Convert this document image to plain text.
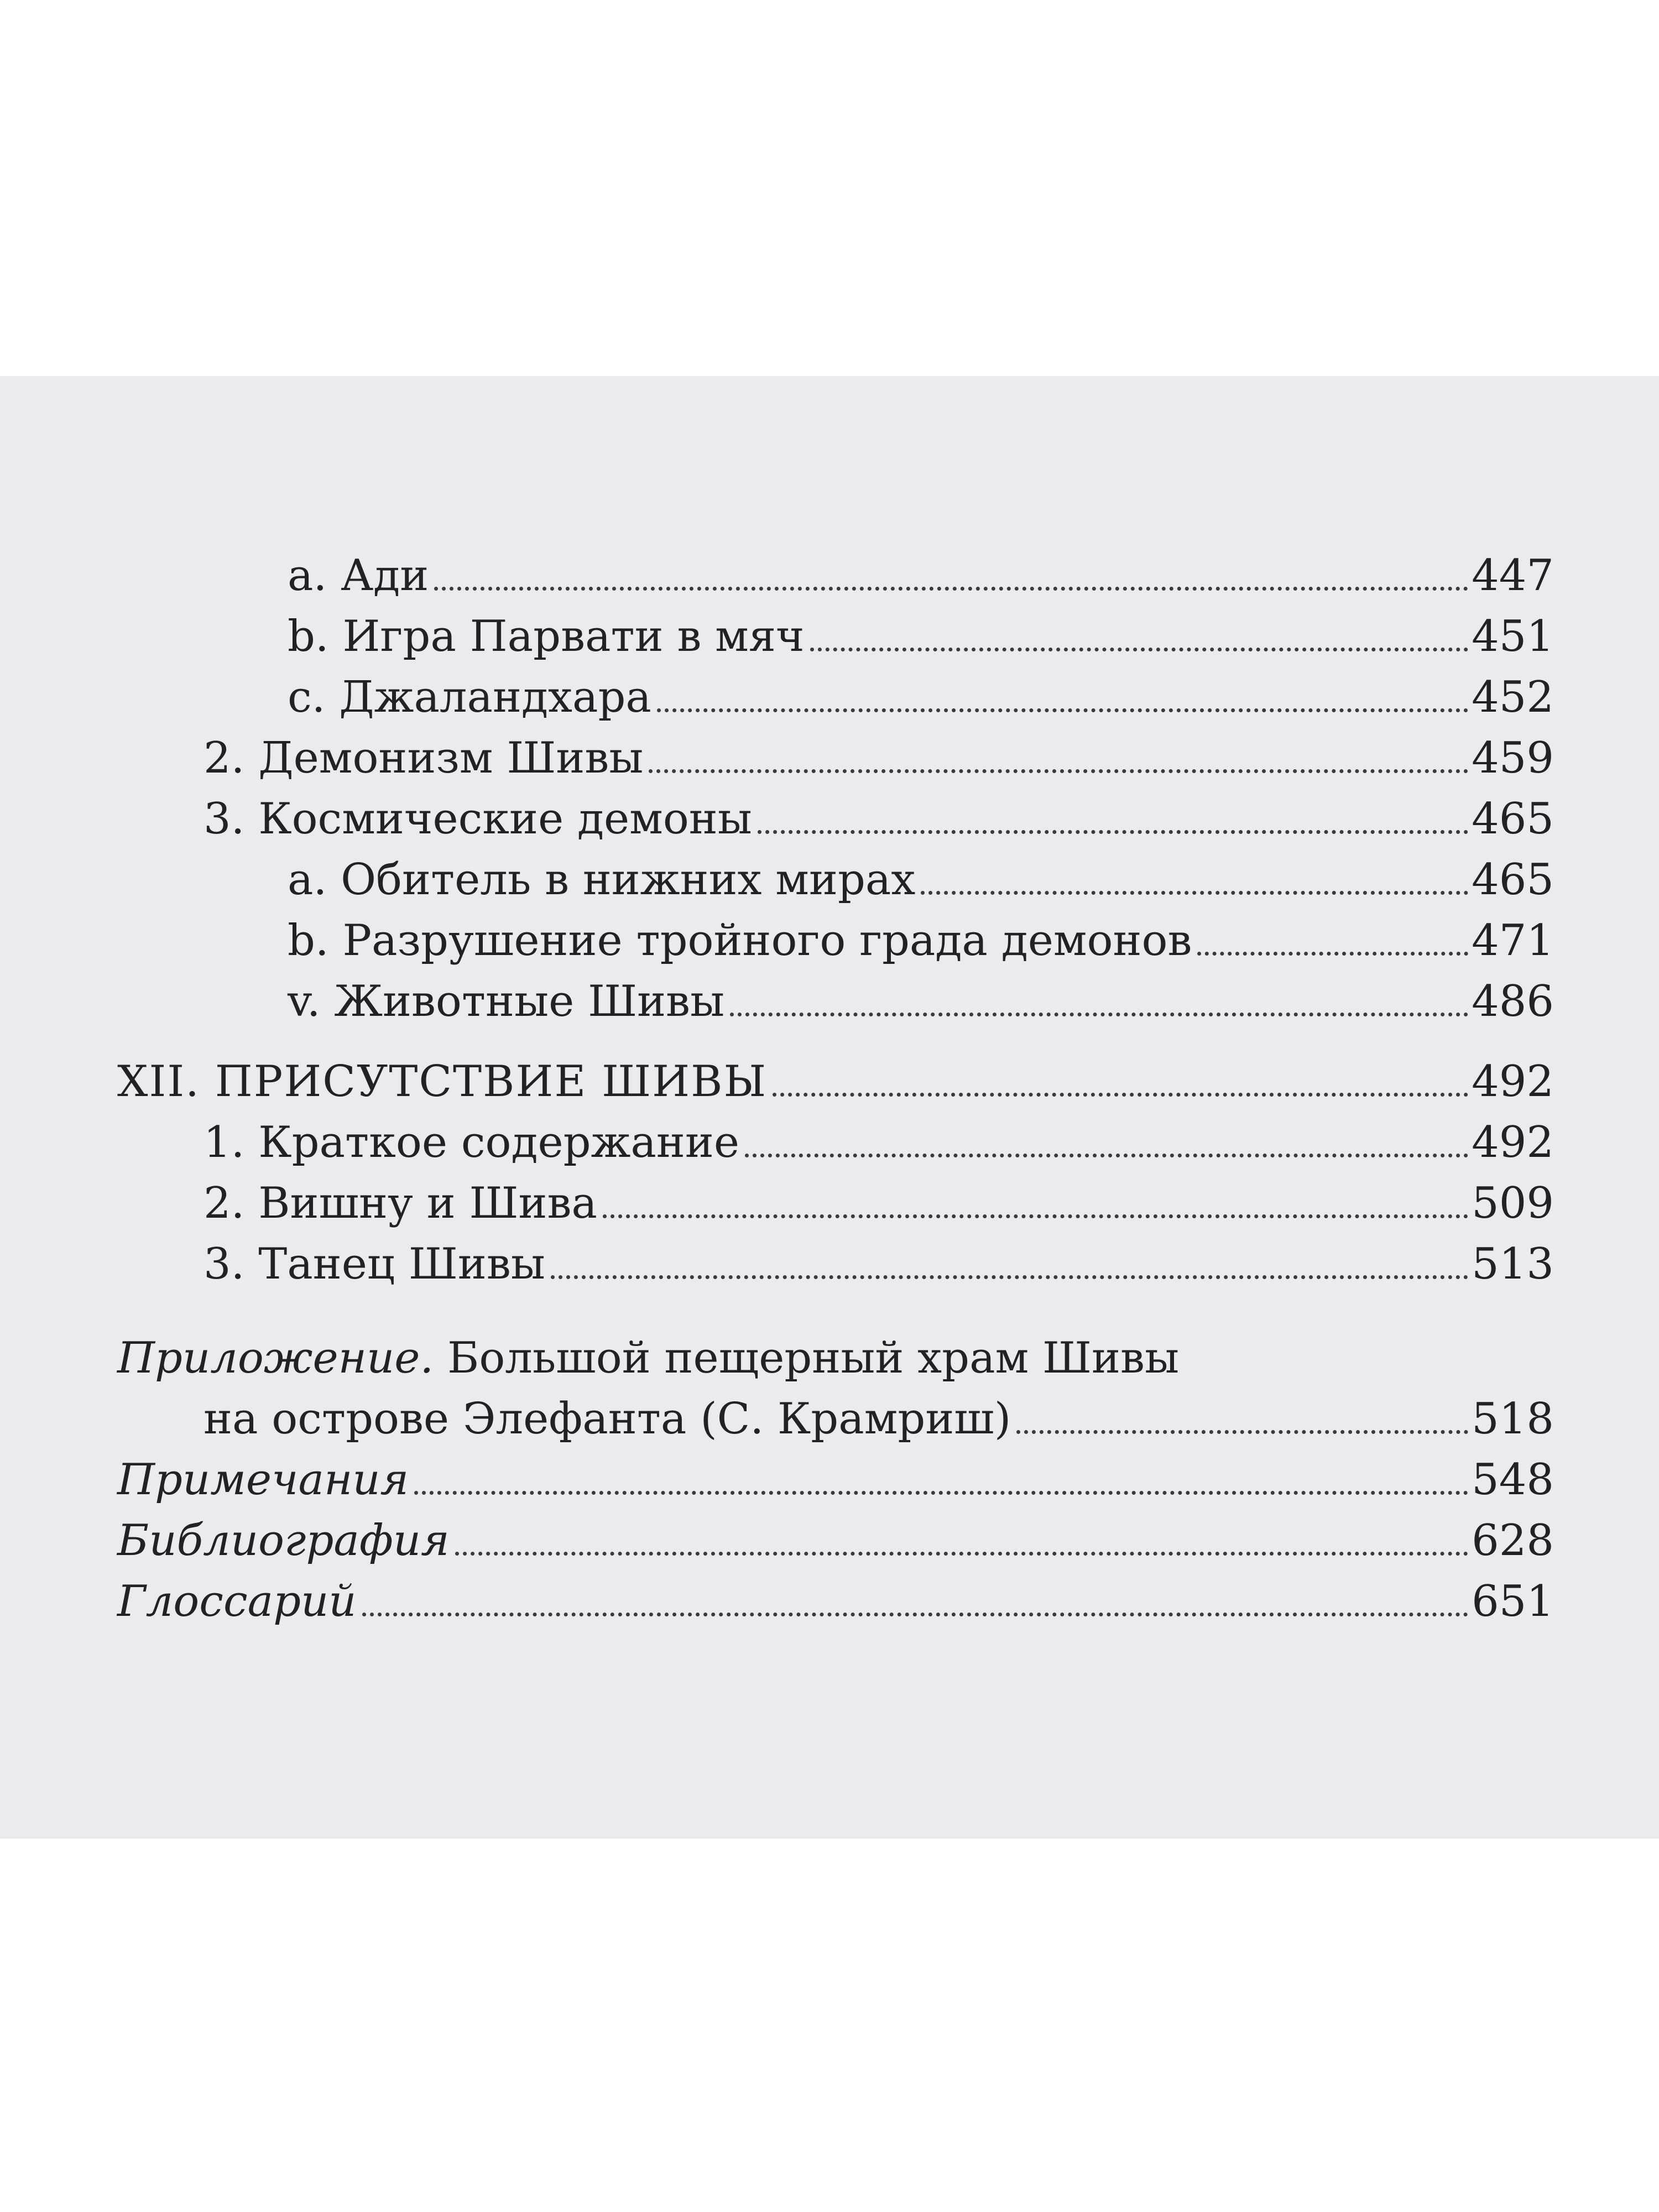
a. Ади	447
b. Игра Парвати в мяч	451
c. Джаландхара	452
2. Демонизм Шивы	459
3. Космические демоны	465
a. Обитель в нижних мирах	465
b. Разрушение тройного града демонов	471
v. Животные Шивы	486
XII. ПРИСУТСТВИЕ ШИВЫ	492
1. Краткое содержание	492
2. Вишну и Шива	509
3. Танец Шивы	513
Приложение. Большой пещерный храм Шивы
на острове Элефанта (С. Крамриш)	518
Примечания	548
Библиография	628
Глоссарий	651
